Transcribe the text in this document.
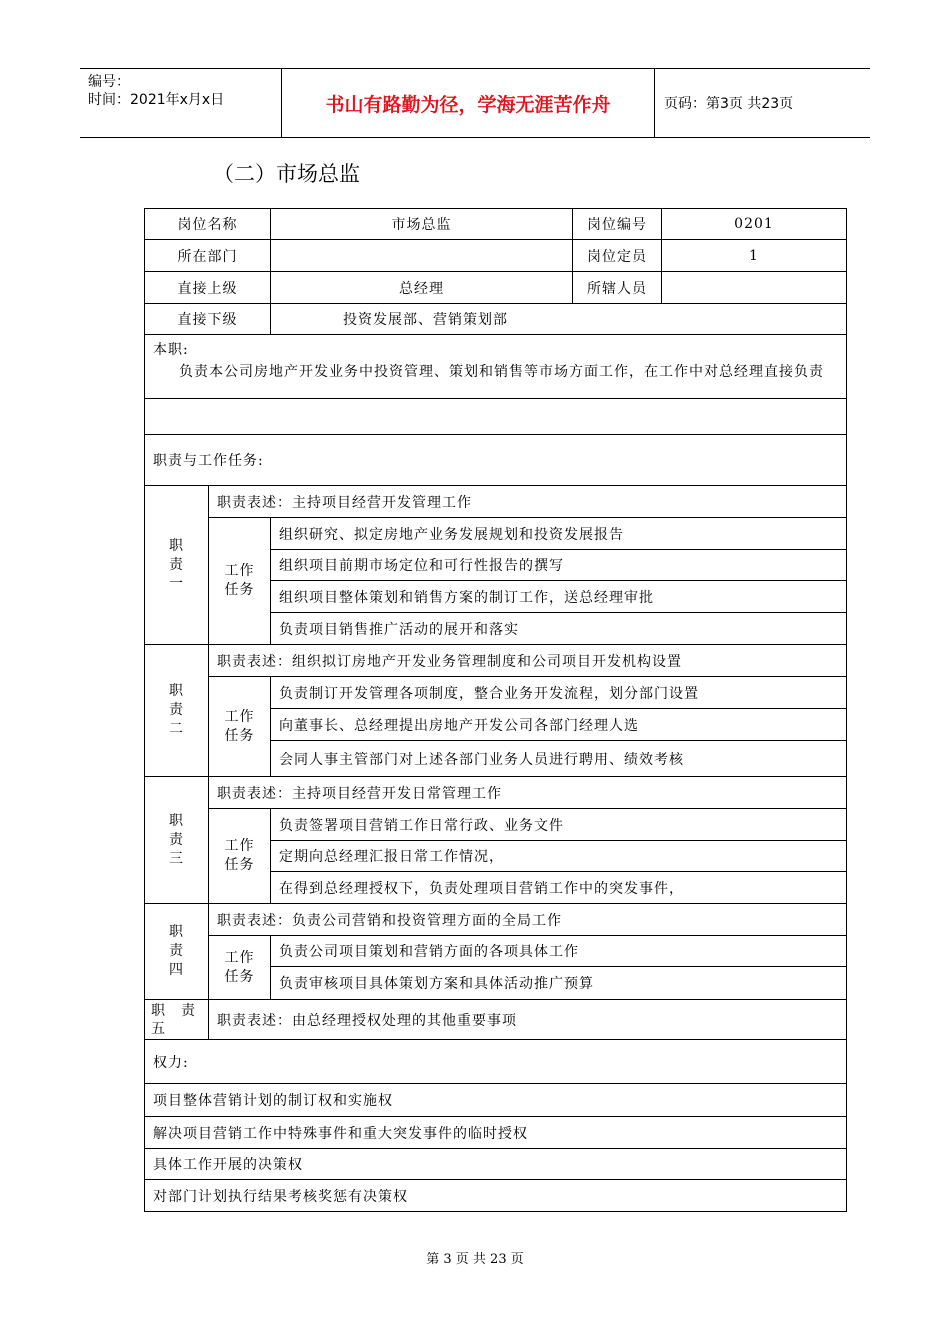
编号：
时间：2021年x月x日	书山有路勤为径，学海无涯苦作舟	页码：第3页 共23页
（二）市场总监
岗位名称		市场总监	岗位编号	0201
所在部门			岗位定员	1
直接上级		总经理	所辖人员	
直接下级		投资发展部、营销策划部		

本职:
负责本公司房地产开发业务中投资管理、策划和销售等市场方面工作，在工作中对总经理直接负责				

职责与工作任务:				

职
责
一	职责表述：主持项目经营开发管理工作			

	工作
任务	组织研究、拟定房地产业务发展规划和投资发展报告		
		组织项目前期市场定位和可行性报告的撰写		
		组织项目整体策划和销售方案的制订工作，送总经理审批		
		负责项目销售推广活动的展开和落实		

职
责
二	职责表述：组织拟订房地产开发业务管理制度和公司项目开发机构设置			

	工作
任务	负责制订开发管理各项制度，整合业务开发流程，划分部门设置		
		向董事长、总经理提出房地产开发公司各部门经理人选		
		会同人事主管部门对上述各部门业务人员进行聘用、绩效考核		

职
责
三	职责表述：主持项目经营开发日常管理工作			

	工作
任务	负责签署项目营销工作日常行政、业务文件		
		定期向总经理汇报日常工作情况，		
		在得到总经理授权下，负责处理项目营销工作中的突发事件，		

职
责
四	职责表述：负责公司营销和投资管理方面的全局工作			

	工作
任务	负责公司项目策划和营销方面的各项具体工作		
		负责审核项目具体策划方案和具体活动推广预算		

职　责
五	职责表述：由总经理授权处理的其他重要事项			
权力:				
项目整体营销计划的制订权和实施权				
解决项目营销工作中特殊事件和重大突发事件的临时授权				
具体工作开展的决策权				
对部门计划执行结果考核奖惩有决策权				
第 3 页 共 23 页
